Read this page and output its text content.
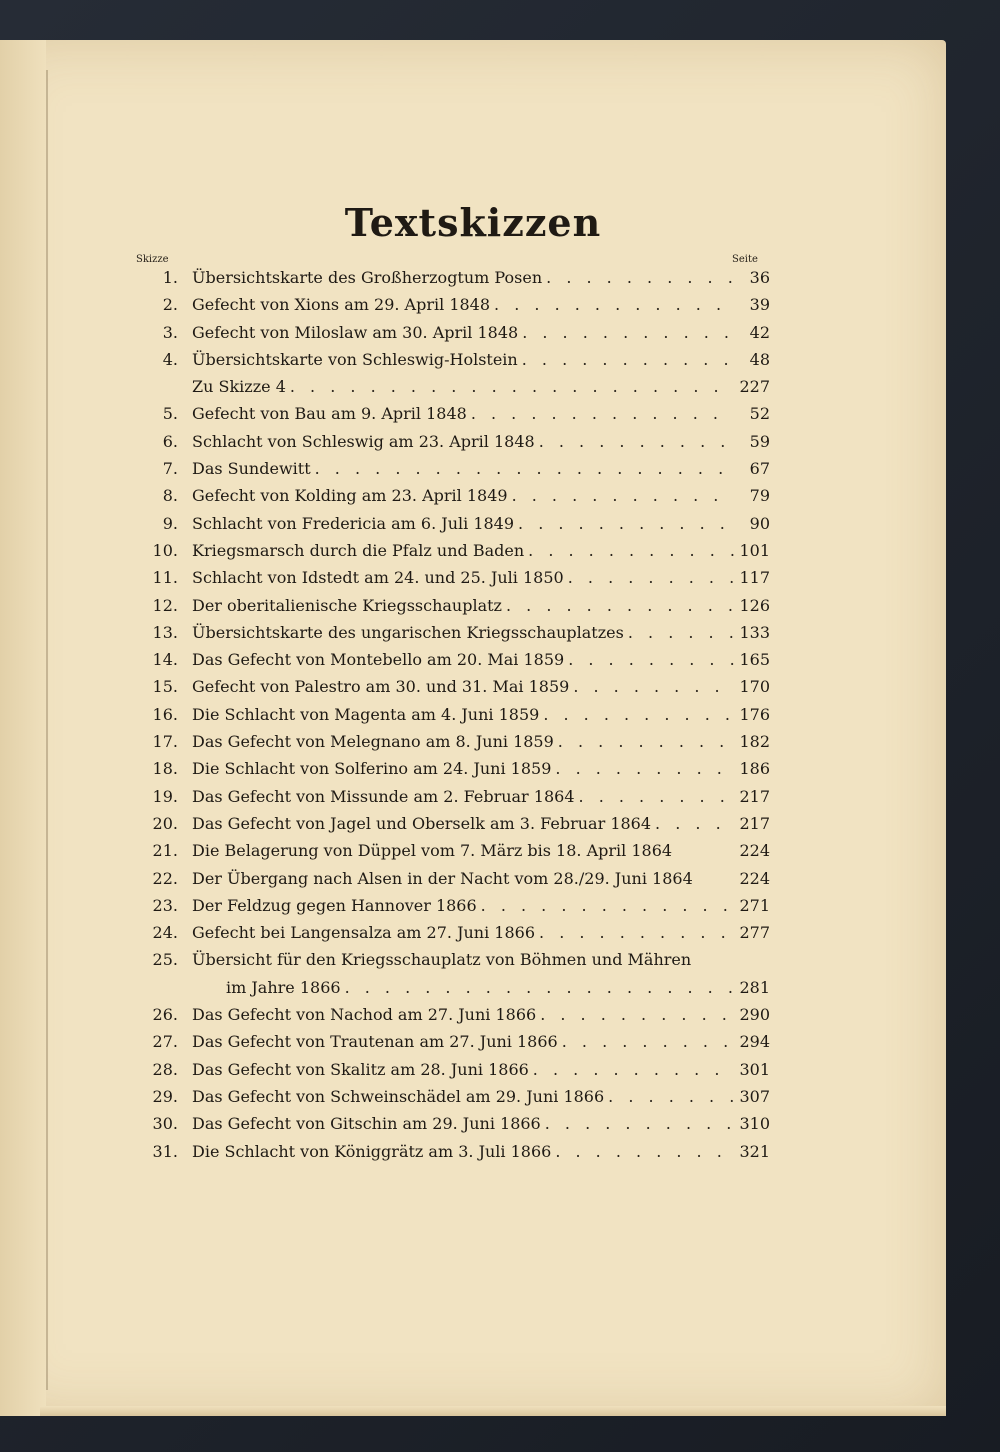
Textskizzen
Skizze	Seite
1. Übersichtskarte des Großherzogtum Posen . . .	36
2. Gefecht von Xions am 29. April 1848 . . .	39
3. Gefecht von Miloslaw am 30. April 1848 . . .	42
4. Übersichtskarte von Schleswig-Holstein . . .	48
Zu Skizze 4 . . .	227
5. Gefecht von Bau am 9. April 1848 . . .	52
6. Schlacht von Schleswig am 23. April 1848 . . .	59
7. Das Sundewitt . . .	67
8. Gefecht von Kolding am 23. April 1849 . . .	79
9. Schlacht von Fredericia am 6. Juli 1849 . . .	90
10. Kriegsmarsch durch die Pfalz und Baden . . .	101
11. Schlacht von Idstedt am 24. und 25. Juli 1850 . . .	117
12. Der oberitalienische Kriegsschauplatz . . .	126
13. Übersichtskarte des ungarischen Kriegsschauplatzes . . .	133
14. Das Gefecht von Montebello am 20. Mai 1859 . . .	165
15. Gefecht von Palestro am 30. und 31. Mai 1859 . . .	170
16. Die Schlacht von Magenta am 4. Juni 1859 . . .	176
17. Das Gefecht von Melegnano am 8. Juni 1859 . . .	182
18. Die Schlacht von Solferino am 24. Juni 1859 . . .	186
19. Das Gefecht von Missunde am 2. Februar 1864 . . .	217
20. Das Gefecht von Jagel und Oberselk am 3. Februar 1864 . . .	217
21. Die Belagerung von Düppel vom 7. März bis 18. April 1864	224
22. Der Übergang nach Alsen in der Nacht vom 28./29. Juni 1864	224
23. Der Feldzug gegen Hannover 1866 . . .	271
24. Gefecht bei Langensalza am 27. Juni 1866 . . .	277
25. Übersicht für den Kriegsschauplatz von Böhmen und Mähren
im Jahre 1866 . . .	281
26. Das Gefecht von Nachod am 27. Juni 1866 . . .	290
27. Das Gefecht von Trautenan am 27. Juni 1866 . . .	294
28. Das Gefecht von Skalitz am 28. Juni 1866 . . .	301
29. Das Gefecht von Schweinschädel am 29. Juni 1866 . . .	307
30. Das Gefecht von Gitschin am 29. Juni 1866 . . .	310
31. Die Schlacht von Königgrätz am 3. Juli 1866 . . .	321
